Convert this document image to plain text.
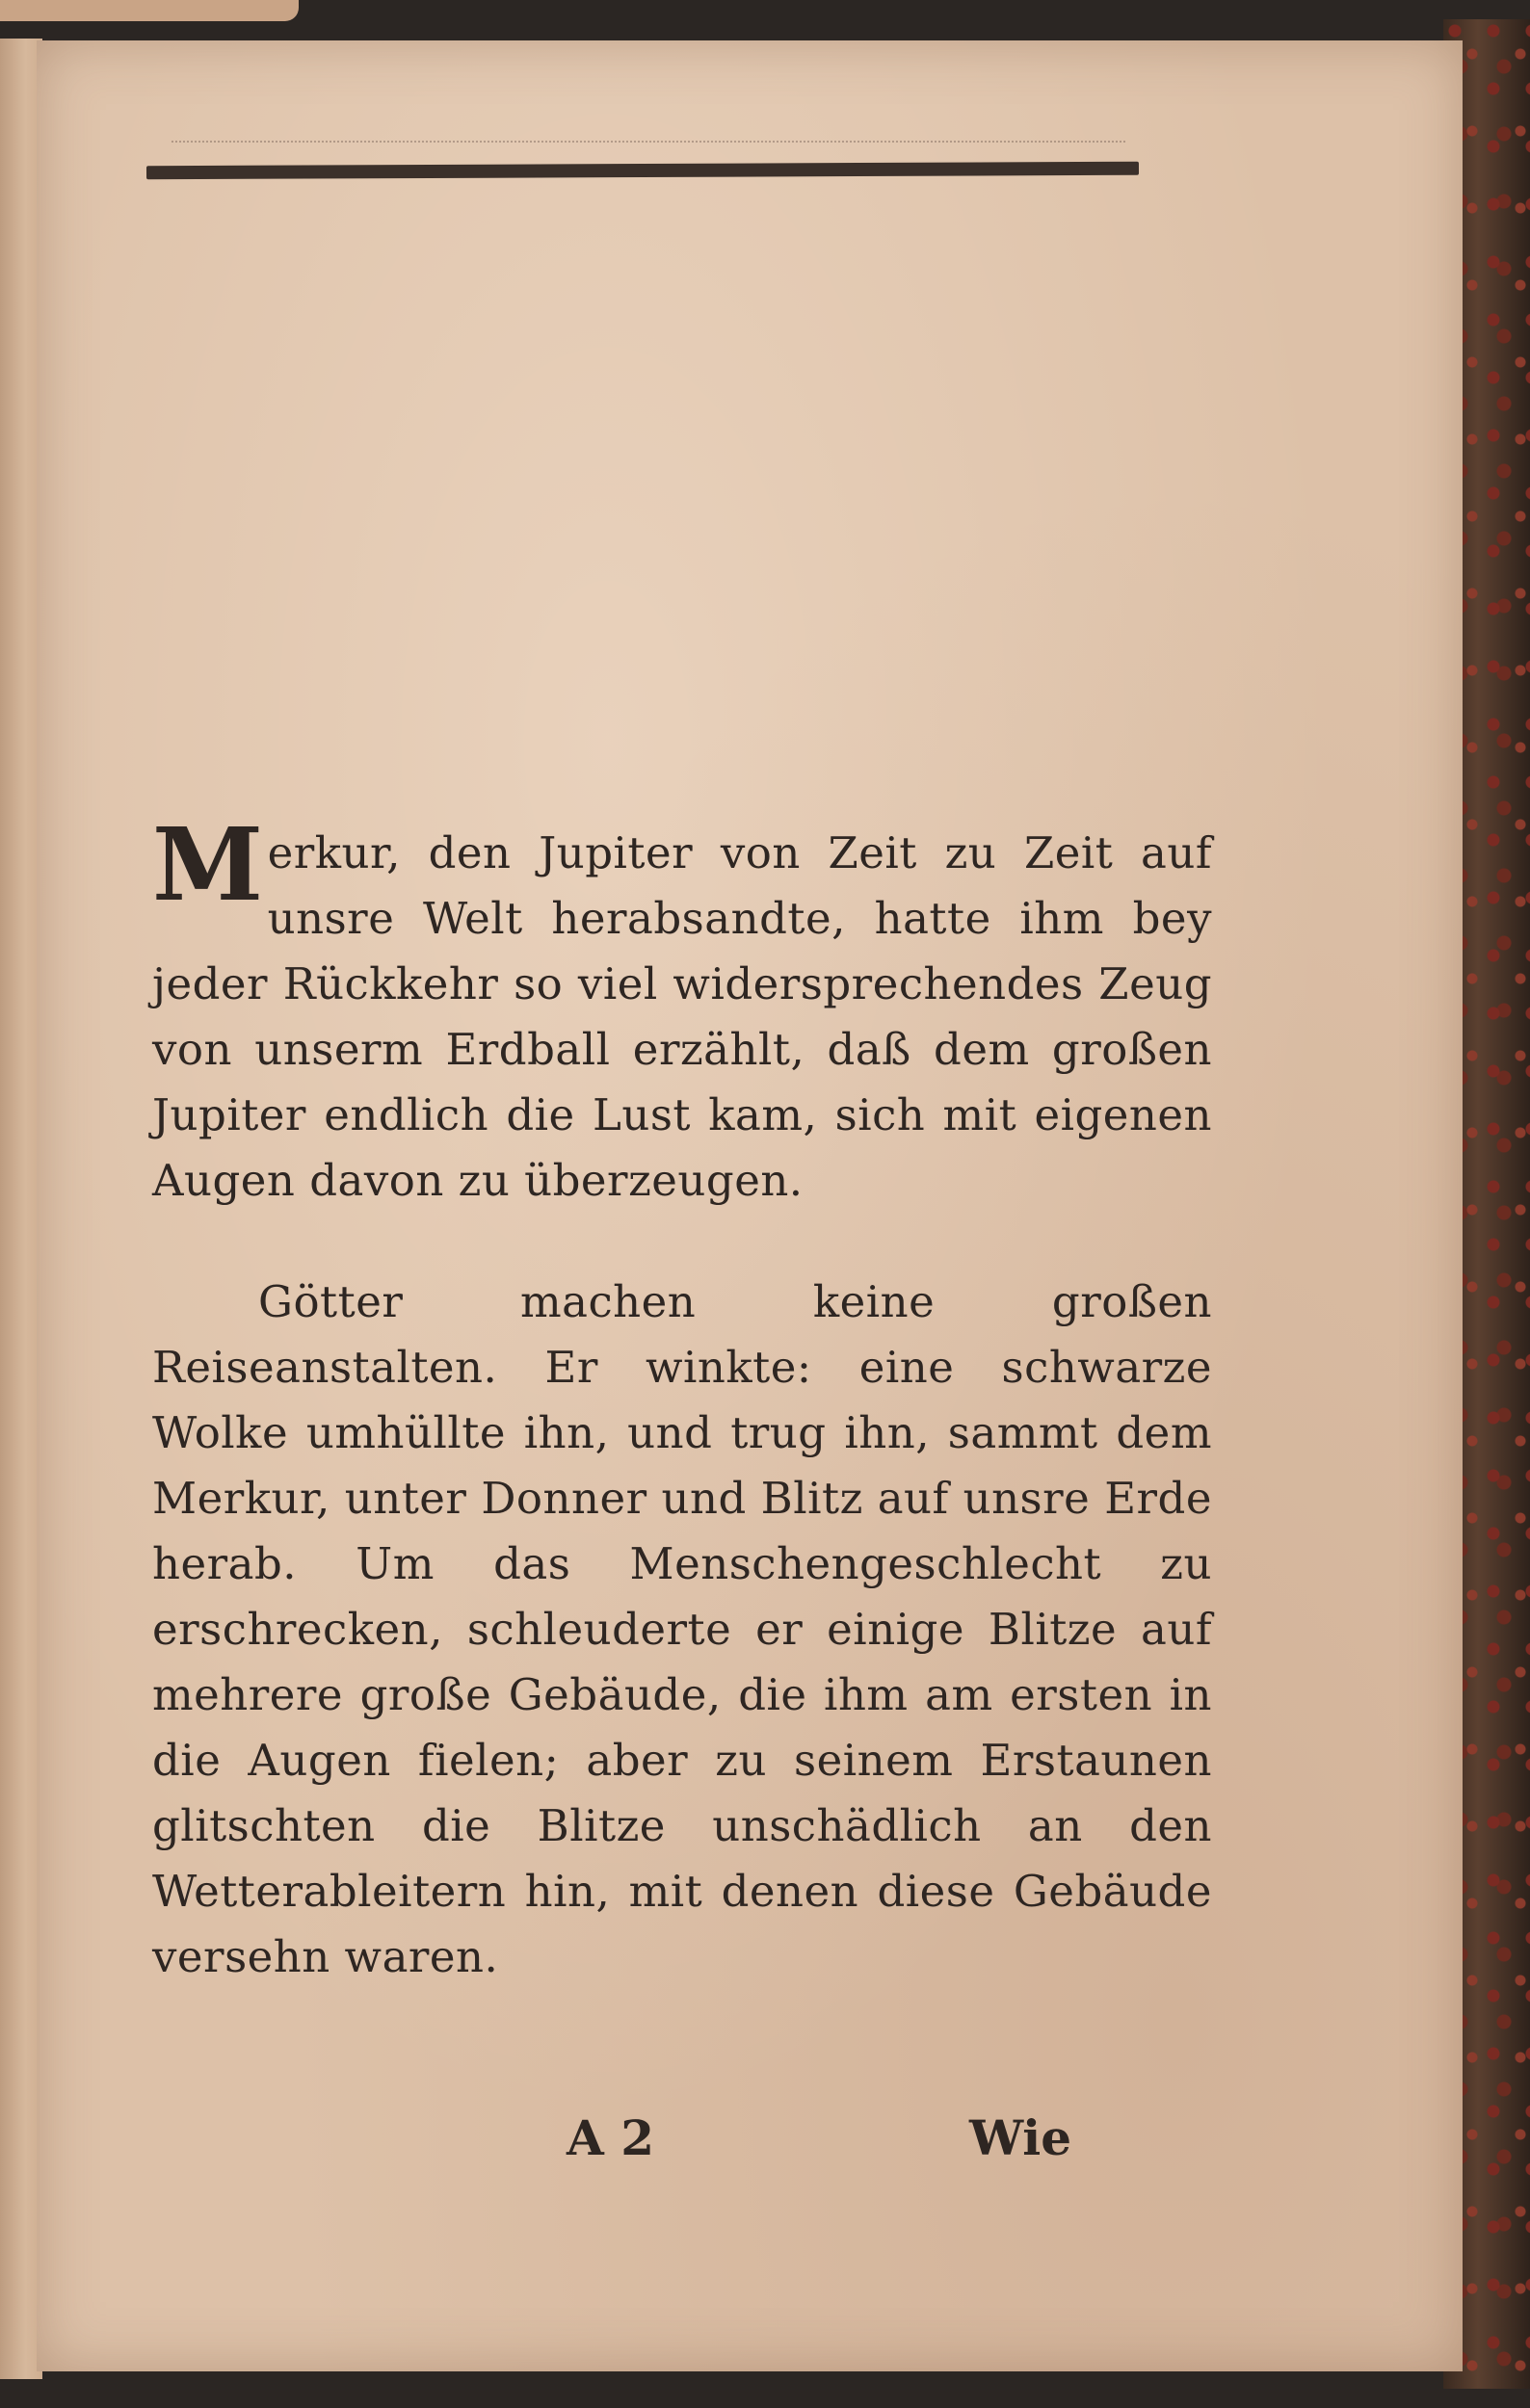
Merkur, den Jupiter von Zeit zu Zeit auf unsre Welt herabsandte, hatte ihm bey jeder Rückkehr so viel widersprechendes Zeug von unserm Erdball erzählt, daß dem großen Jupiter endlich die Lust kam, sich mit eigenen Augen davon zu überzeugen.

Götter machen keine großen Reiseanstalten. Er winkte: eine schwarze Wolke umhüllte ihn, und trug ihn, sammt dem Merkur, unter Donner und Blitz auf unsre Erde herab. Um das Menschengeschlecht zu erschrecken, schleuderte er einige Blitze auf mehrere große Gebäude, die ihm am ersten in die Augen fielen; aber zu seinem Erstaunen glitschten die Blitze unschädlich an den Wetterableitern hin, mit denen diese Gebäude versehn waren.

A 2	Wie
